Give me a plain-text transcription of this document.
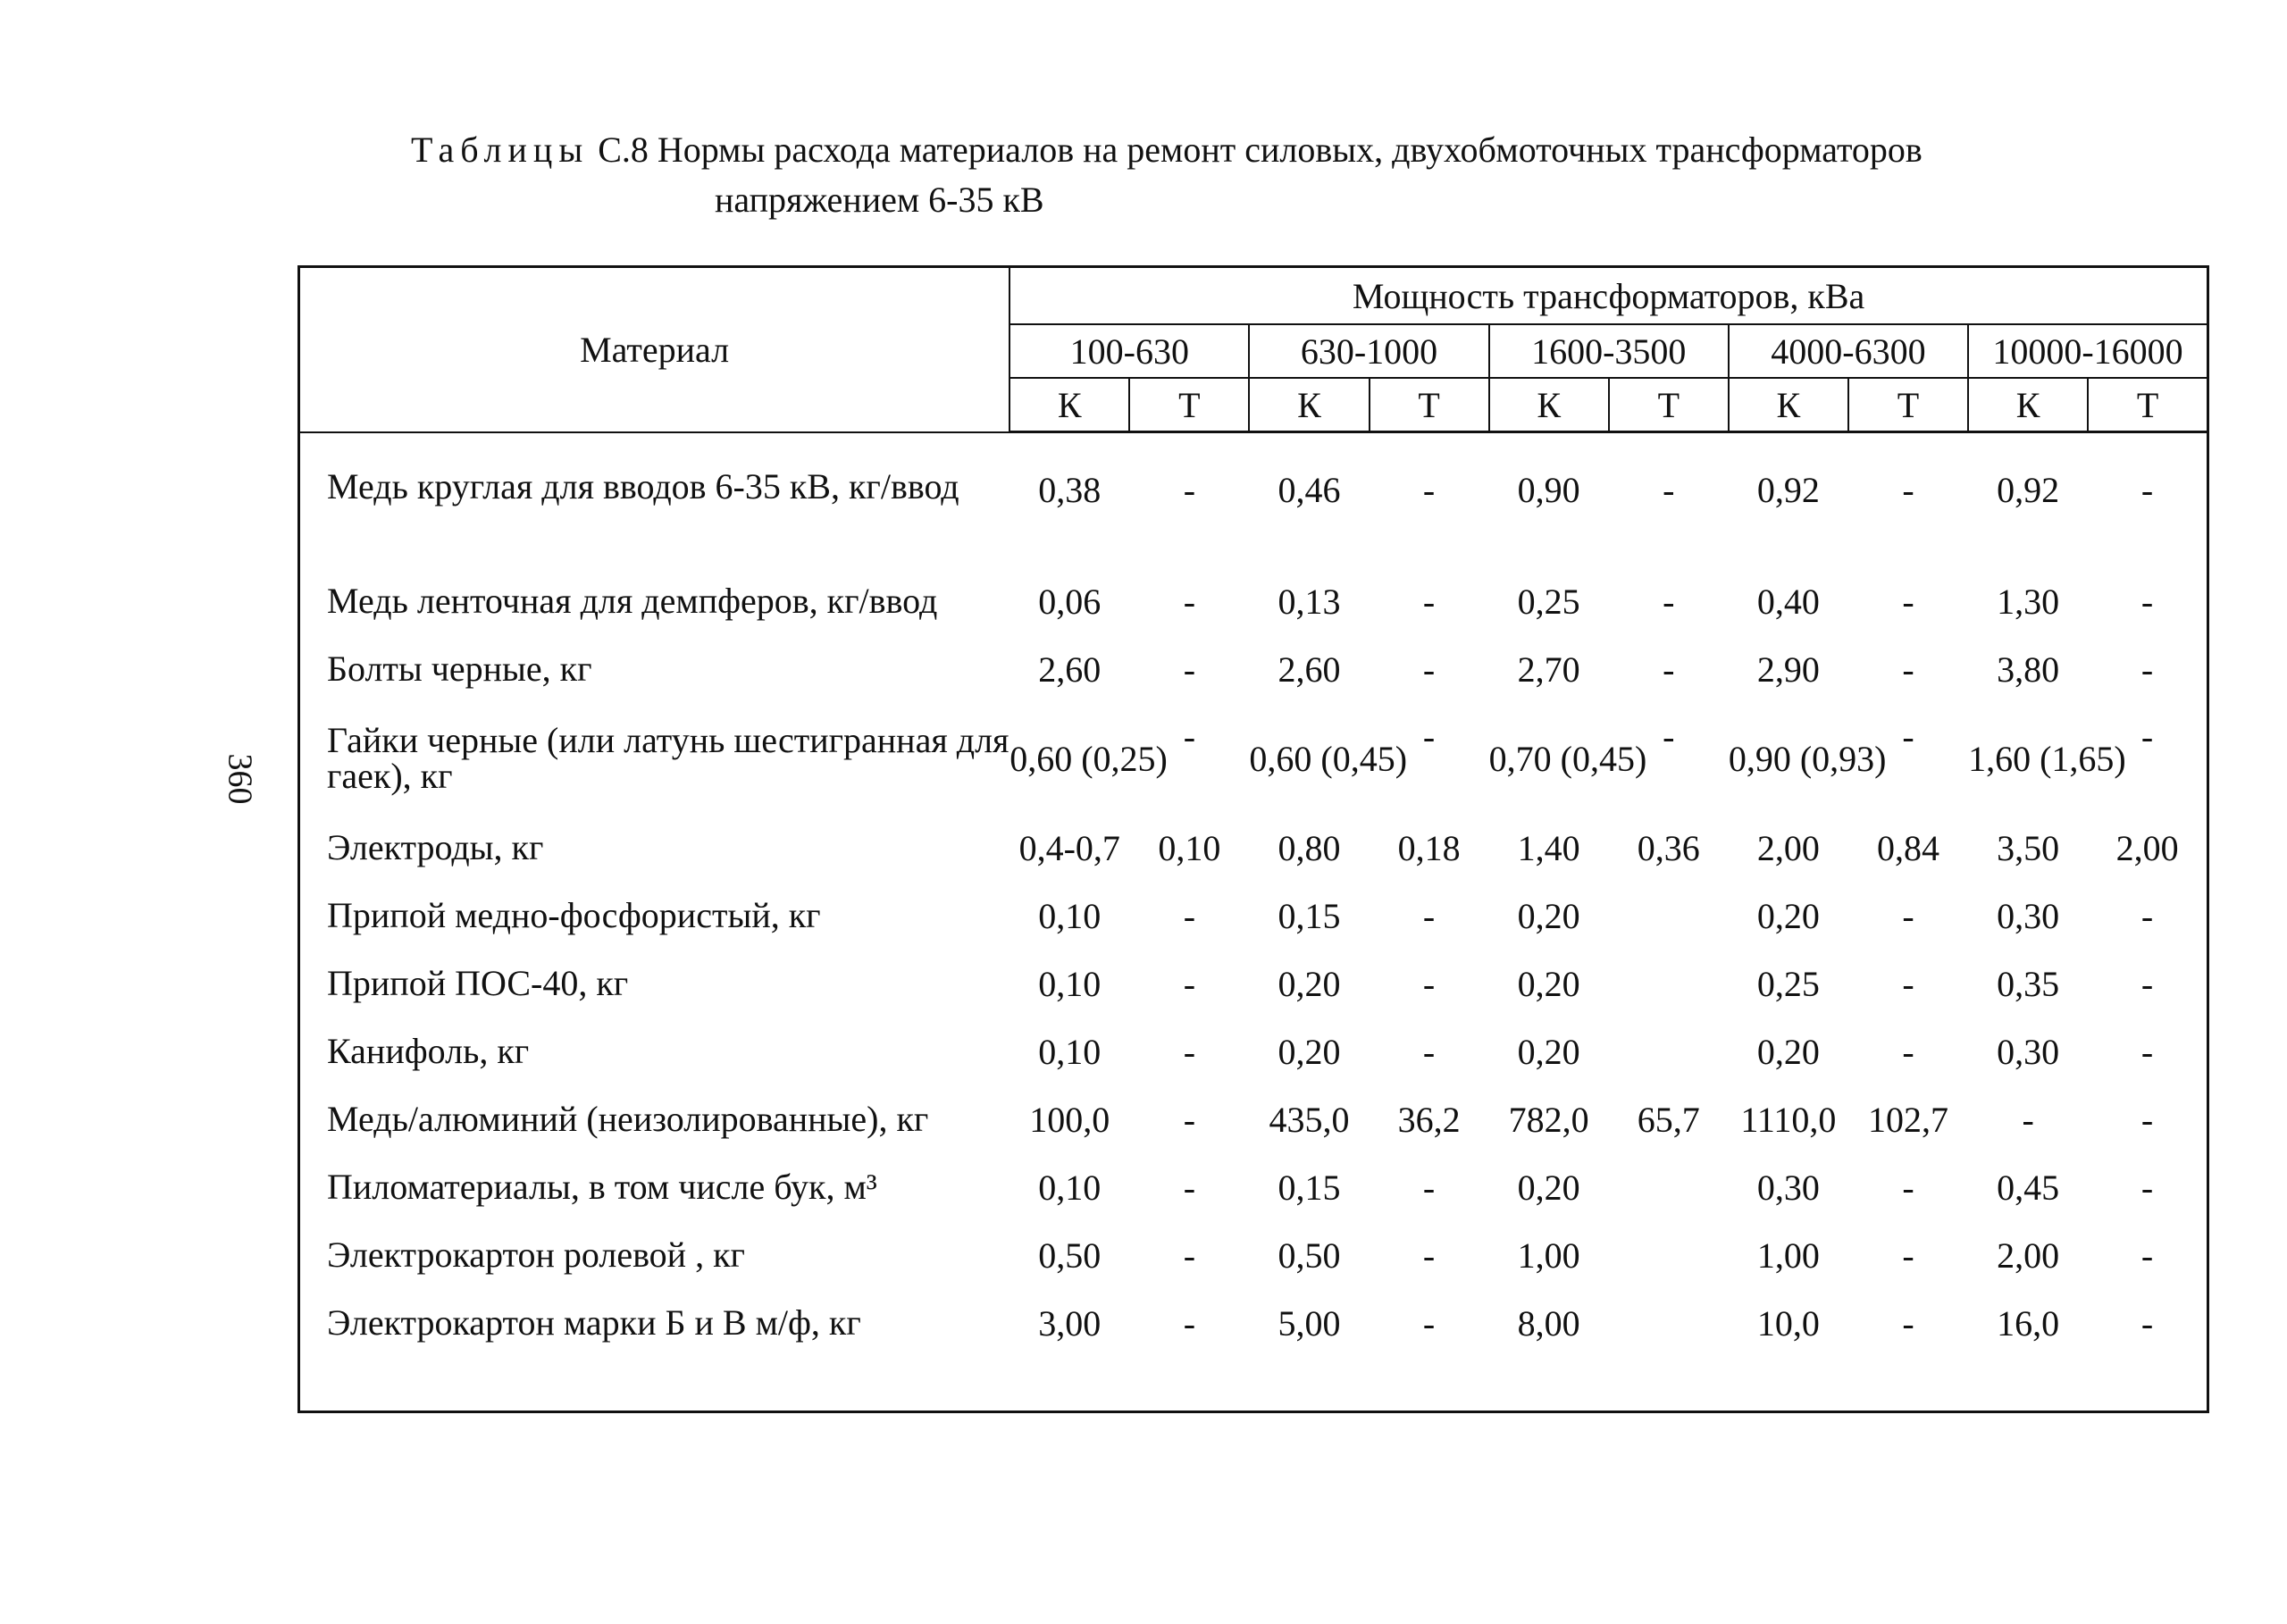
Таблицы С.8 Нормы расхода материалов на ремонт силовых, двухобмоточных трансформаторов
напряжением 6-35 кВ
360
Материал	Мощность трансформаторов, кВа									
	100-630		630-1000		1600-3500		4000-6300		10000-16000	
	К	Т	К	Т	К	Т	К	Т	К	Т
Медь круглая для вводов 6-35 кВ, кг/ввод	0,38	-	0,46	-	0,90	-	0,92	-	0,92	-
Медь ленточная для демпферов, кг/ввод	0,06	-	0,13	-	0,25	-	0,40	-	1,30	-
Болты черные, кг	2,60	-	2,60	-	2,70	-	2,90	-	3,80	-
Гайки черные (или латунь шестигранная для гаек), кг	0,60 (0,25)	-	0,60 (0,45)	-	0,70 (0,45)	-	0,90 (0,93)	-	1,60 (1,65)	-
Электроды, кг	0,4-0,7	0,10	0,80	0,18	1,40	0,36	2,00	0,84	3,50	2,00
Припой медно-фосфористый, кг	0,10	-	0,15	-	0,20		0,20	-	0,30	-
Припой ПОС-40, кг	0,10	-	0,20	-	0,20		0,25	-	0,35	-
Канифоль, кг	0,10	-	0,20	-	0,20		0,20	-	0,30	-
Медь/алюминий (неизолированные), кг	100,0	-	435,0	36,2	782,0	65,7	1110,0	102,7	-	-
Пиломатериалы, в том числе бук, м³	0,10	-	0,15	-	0,20		0,30	-	0,45	-
Электрокартон ролевой , кг	0,50	-	0,50	-	1,00		1,00	-	2,00	-
Электрокартон марки Б и В м/ф, кг	3,00	-	5,00	-	8,00		10,0	-	16,0	-
